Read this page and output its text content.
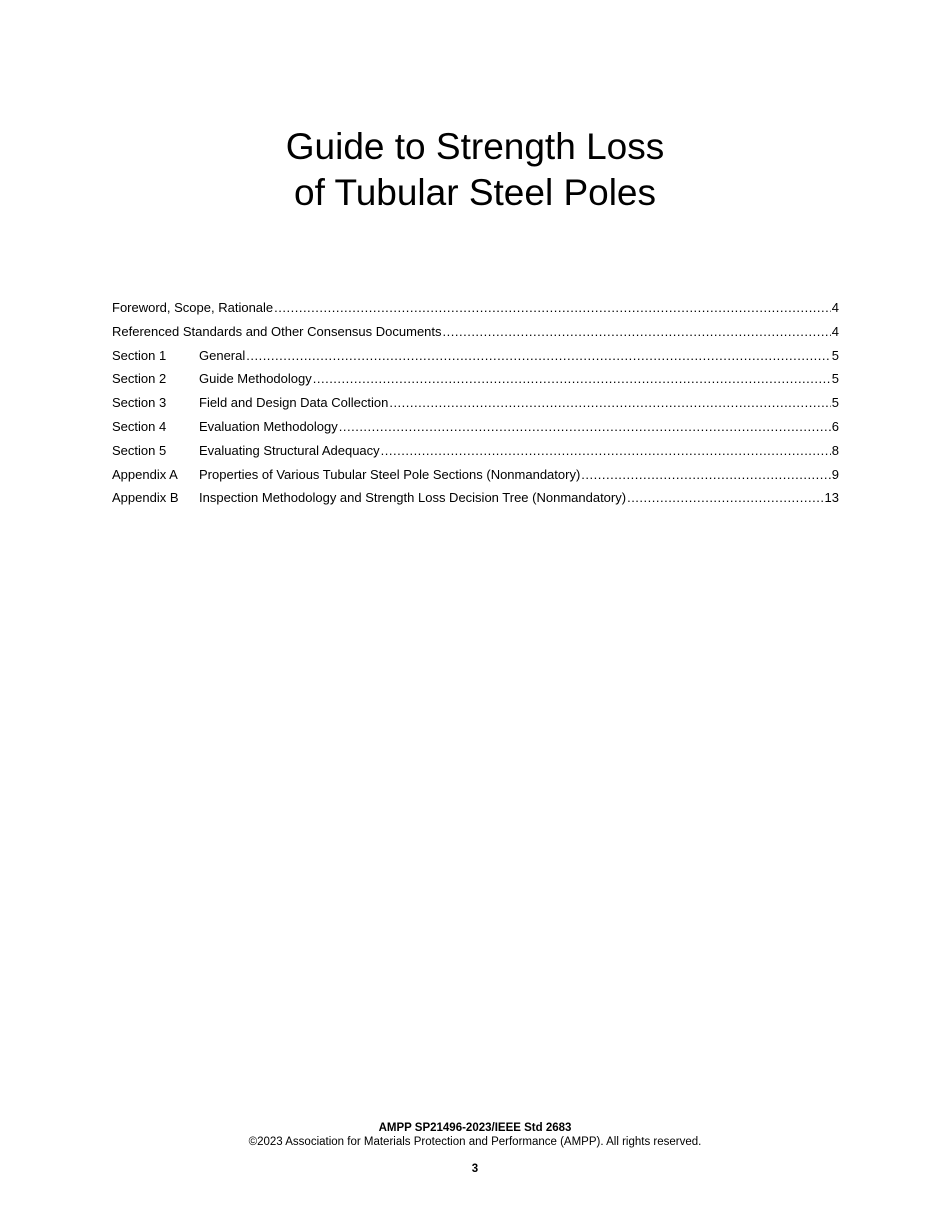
Guide to Strength Loss
of Tubular Steel Poles
Foreword, Scope, Rationale .....	4
Referenced Standards and Other Consensus Documents .....	4
Section 1	General .....	5
Section 2	Guide Methodology .....	5
Section 3	Field and Design Data Collection .....	5
Section 4	Evaluation Methodology .....	6
Section 5	Evaluating Structural Adequacy .....	8
Appendix A	Properties of Various Tubular Steel Pole Sections (Nonmandatory) .....	9
Appendix B	Inspection Methodology and Strength Loss Decision Tree (Nonmandatory) .....	13
AMPP SP21496-2023/IEEE Std 2683
©2023 Association for Materials Protection and Performance (AMPP). All rights reserved.
3
